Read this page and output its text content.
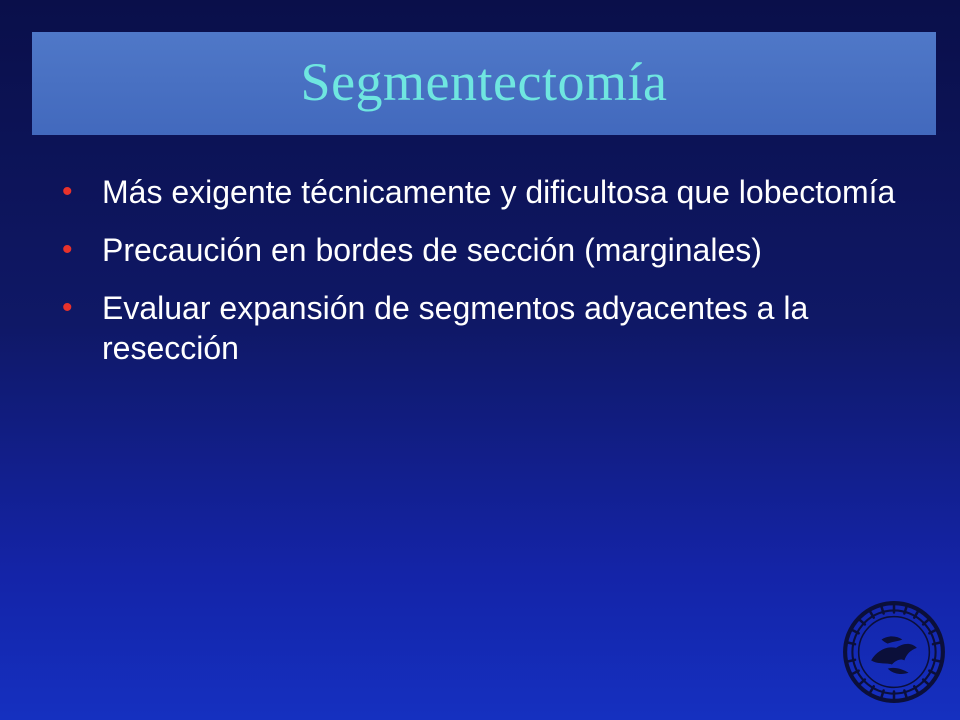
Segmentectomía
• Más exigente técnicamente y dificultosa que lobectomía
• Precaución en bordes de sección (marginales)
• Evaluar expansión de segmentos adyacentes a la resección
